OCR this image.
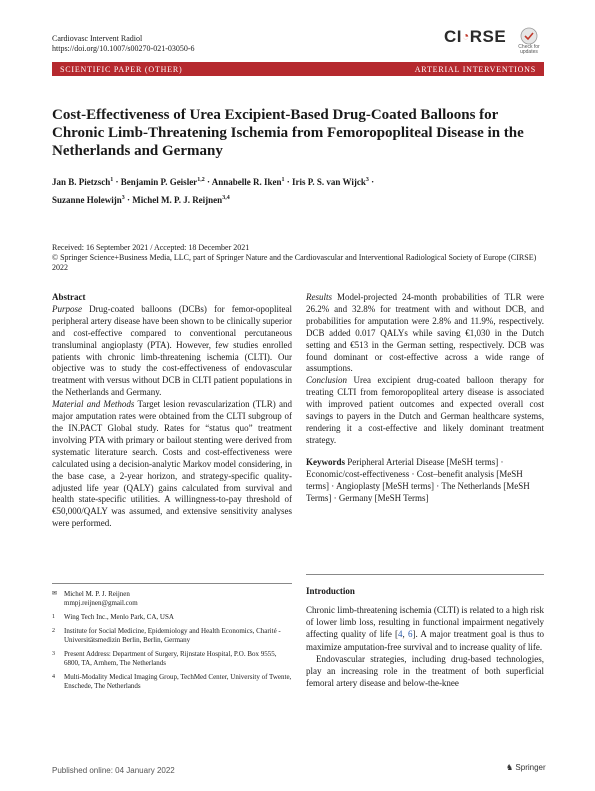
Cardiovasc Intervent Radiol
https://doi.org/10.1007/s00270-021-03050-6
CI◔RSE
Check for
updates
SCIENTIFIC PAPER (OTHER)	ARTERIAL INTERVENTIONS
Cost-Effectiveness of Urea Excipient-Based Drug-Coated Balloons for Chronic Limb-Threatening Ischemia from Femoropopliteal Disease in the Netherlands and Germany
Jan B. Pietzsch$^1$ · Benjamin P. Geisler$^{1,2}$ · Annabelle R. Iken$^1$ · Iris P. S. van Wijck$^3$ ·
Suzanne Holewijn$^3$ · Michel M. P. J. Reijnen$^{3,4}$
Received: 16 September 2021 / Accepted: 18 December 2021
© Springer Science+Business Media, LLC, part of Springer Nature and the Cardiovascular and Interventional Radiological Society of Europe (CIRSE) 2022
Abstract

Purpose Drug-coated balloons (DCBs) for femor-opopliteal peripheral artery disease have been shown to be clinically superior and cost-effective compared to conventional percutaneous transluminal angioplasty (PTA). However, few studies enrolled patients with chronic limb-threatening ischemia (CLTI). Our objective was to study the cost-effectiveness of endovascular treatment with versus without DCB in CLTI patient populations in the Netherlands and Germany.

Material and Methods Target lesion revascularization (TLR) and major amputation rates were obtained from the CLTI subgroup of the IN.PACT Global study. Rates for “status quo” treatment involving PTA with primary or bailout stenting were derived from systematic literature search. Costs and cost-effectiveness were calculated using a decision-analytic Markov model considering, in the base case, a 2-year horizon, and strategy-specific quality-adjusted life year (QALY) gains calculated from survival and health state-specific utilities. A willingness-to-pay threshold of €50,000/QALY was assumed, and extensive sensitivity analyses were performed.

✉ Michel M. P. J. Reijnen
mmpj.reijnen@gmail.com
1	Wing Tech Inc., Menlo Park, CA, USA
2	Institute for Social Medicine, Epidemiology and Health Economics, Charité - Universitätsmedizin Berlin, Berlin, Germany
3	Present Address: Department of Surgery, Rijnstate Hospital, P.O. Box 9555, 6800, TA, Arnhem, The Netherlands
4	Multi-Modality Medical Imaging Group, TechMed Center, University of Twente, Enschede, The Netherlands

Results Model-projected 24-month probabilities of TLR were 26.2% and 32.8% for treatment with and without DCB, and probabilities for amputation were 2.8% and 11.9%, respectively. DCB added 0.017 QALYs while saving €1,030 in the Dutch setting and €513 in the German setting, respectively. DCB was found dominant or cost-effective across a wide range of assumptions.

Conclusion Urea excipient drug-coated balloon therapy for treating CLTI from femoropopliteal artery disease is associated with improved patient outcomes and expected overall cost savings to payers in the Dutch and German healthcare systems, rendering it a cost-effective and likely dominant treatment strategy.

Keywords Peripheral Arterial Disease [MeSH terms] · Economic/cost-effectiveness · Cost–benefit analysis [MeSH terms] · Angioplasty [MeSH terms] · The Netherlands [MeSH Terms] · Germany [MeSH Terms]

Introduction

Chronic limb-threatening ischemia (CLTI) is related to a high risk of lower limb loss, resulting in functional impairment negatively affecting quality of life [4, 6]. A major treatment goal is thus to maximize amputation-free survival and to increase quality of life.

Endovascular strategies, including drug-based technologies, play an increasing role in the treatment of both superficial femoral artery disease and below-the-knee

Published online: 04 January 2022	♞ Springer
